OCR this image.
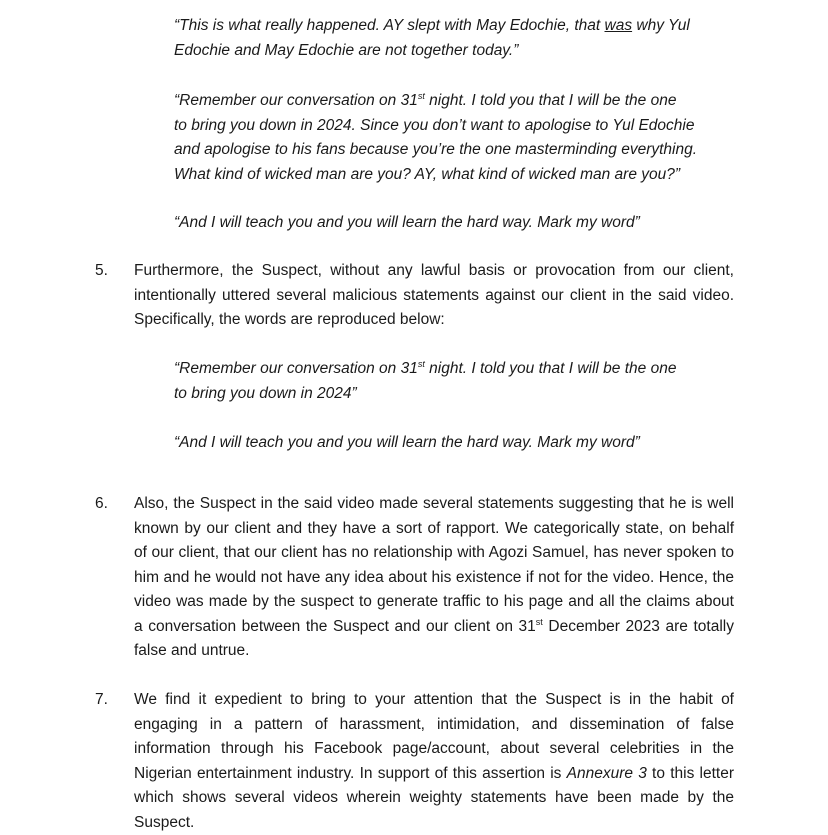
“This is what really happened. AY slept with May Edochie, that was why Yul
Edochie and May Edochie are not together today.”
“Remember our conversation on 31st night. I told you that I will be the one
to bring you down in 2024. Since you don’t want to apologise to Yul Edochie
and apologise to his fans because you’re the one masterminding everything.
What kind of wicked man are you? AY, what kind of wicked man are you?”
“And I will teach you and you will learn the hard way. Mark my word”
5. Furthermore, the Suspect, without any lawful basis or provocation from our client,
intentionally uttered several malicious statements against our client in the said video.
Specifically, the words are reproduced below:
“Remember our conversation on 31st night. I told you that I will be the one
to bring you down in 2024”
“And I will teach you and you will learn the hard way. Mark my word”
6. Also, the Suspect in the said video made several statements suggesting that he is well
known by our client and they have a sort of rapport. We categorically state, on behalf
of our client, that our client has no relationship with Agozi Samuel, has never spoken to
him and he would not have any idea about his existence if not for the video. Hence, the
video was made by the suspect to generate traffic to his page and all the claims about
a conversation between the Suspect and our client on 31st December 2023 are totally
false and untrue.
7. We find it expedient to bring to your attention that the Suspect is in the habit of
engaging in a pattern of harassment, intimidation, and dissemination of false
information through his Facebook page/account, about several celebrities in the
Nigerian entertainment industry. In support of this assertion is Annexure 3 to this letter
which shows several videos wherein weighty statements have been made by the
Suspect.
